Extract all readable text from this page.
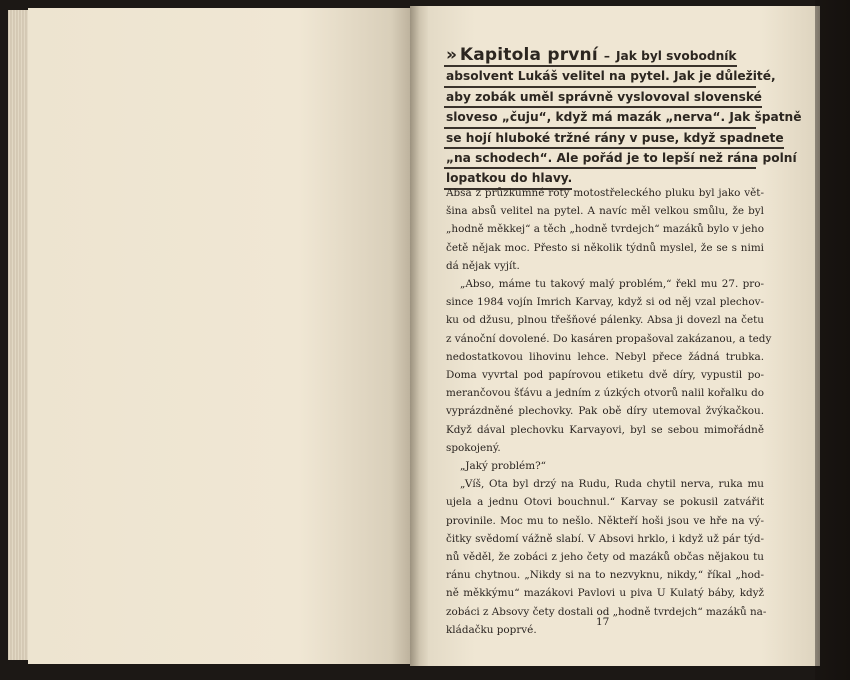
» Kapitola první – Jak byl svobodník
absolvent Lukáš velitel na pytel. Jak je důležité,
aby zobák uměl správně vyslovoval slovenské
sloveso „čuju“, když má mazák „nerva“. Jak špatně
se hojí hluboké tržné rány v puse, když spadnete
„na schodech“. Ale pořád je to lepší než rána polní
lopatkou do hlavy.
Absa z průzkumné roty motostřeleckého pluku byl jako vět-
šina absů velitel na pytel. A navíc měl velkou smůlu, že byl
„hodně měkkej“ a těch „hodně tvrdejch“ mazáků bylo v jeho
četě nějak moc. Přesto si několik týdnů myslel, že se s nimi
dá nějak vyjít.
„Abso, máme tu takový malý problém,“ řekl mu 27. pro-
since 1984 vojín Imrich Karvay, když si od něj vzal plechov-
ku od džusu, plnou třešňové pálenky. Absa ji dovezl na četu
z vánoční dovolené. Do kasáren propašoval zakázanou, a tedy
nedostatkovou lihovinu lehce. Nebyl přece žádná trubka.
Doma vyvrtal pod papírovou etiketu dvě díry, vypustil po-
merančovou šťávu a jedním z úzkých otvorů nalil kořalku do
vyprázdněné plechovky. Pak obě díry utemoval žvýkačkou.
Když dával plechovku Karvayovi, byl se sebou mimořádně
spokojený.
„Jaký problém?“
„Víš, Ota byl drzý na Rudu, Ruda chytil nerva, ruka mu
ujela a jednu Otovi bouchnul.“ Karvay se pokusil zatvářit
provinile. Moc mu to nešlo. Někteří hoši jsou ve hře na vý-
čitky svědomí vážně slabí. V Absovi hrklo, i když už pár týd-
nů věděl, že zobáci z jeho čety od mazáků občas nějakou tu
ránu chytnou. „Nikdy si na to nezvyknu, nikdy,“ říkal „hod-
ně měkkýmu“ mazákovi Pavlovi u piva U Kulatý báby, když
zobáci z Absovy čety dostali od „hodně tvrdejch“ mazáků na-
kládačku poprvé.
17
